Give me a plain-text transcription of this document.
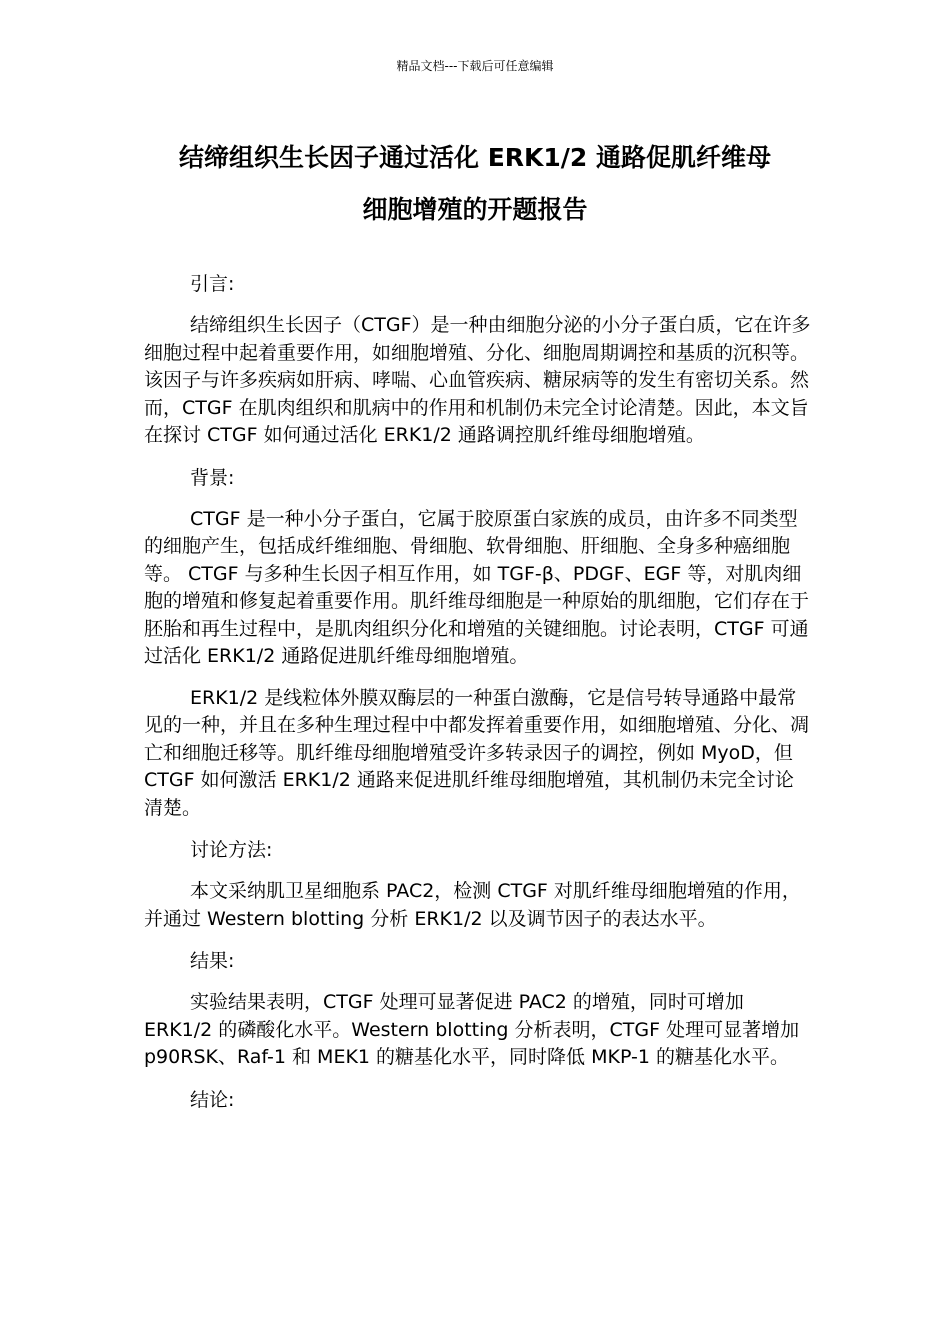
精品文档---下载后可任意编辑
结缔组织生长因子通过活化 ERK1/2 通路促肌纤维母
细胞增殖的开题报告

引言:

结缔组织生长因子（CTGF）是一种由细胞分泌的小分子蛋白质，它在许多细胞过程中起着重要作用，如细胞增殖、分化、细胞周期调控和基质的沉积等。该因子与许多疾病如肝病、哮喘、心血管疾病、糖尿病等的发生有密切关系。然而，CTGF 在肌肉组织和肌病中的作用和机制仍未完全讨论清楚。因此，本文旨在探讨 CTGF 如何通过活化 ERK1/2 通路调控肌纤维母细胞增殖。

背景:

CTGF 是一种小分子蛋白，它属于胶原蛋白家族的成员，由许多不同类型的细胞产生，包括成纤维细胞、骨细胞、软骨细胞、肝细胞、全身多种癌细胞等。 CTGF 与多种生长因子相互作用，如 TGF-β、PDGF、EGF 等，对肌肉细胞的增殖和修复起着重要作用。肌纤维母细胞是一种原始的肌细胞，它们存在于胚胎和再生过程中，是肌肉组织分化和增殖的关键细胞。讨论表明，CTGF 可通过活化 ERK1/2 通路促进肌纤维母细胞增殖。

ERK1/2 是线粒体外膜双酶层的一种蛋白激酶，它是信号转导通路中最常见的一种，并且在多种生理过程中中都发挥着重要作用，如细胞增殖、分化、凋亡和细胞迁移等。肌纤维母细胞增殖受许多转录因子的调控，例如 MyoD，但 CTGF 如何激活 ERK1/2 通路来促进肌纤维母细胞增殖，其机制仍未完全讨论清楚。

讨论方法:

本文采纳肌卫星细胞系 PAC2，检测 CTGF 对肌纤维母细胞增殖的作用，并通过 Western blotting 分析 ERK1/2 以及调节因子的表达水平。

结果:

实验结果表明，CTGF 处理可显著促进 PAC2 的增殖，同时可增加 ERK1/2 的磷酸化水平。Western blotting 分析表明，CTGF 处理可显著增加 p90RSK、Raf-1 和 MEK1 的糖基化水平，同时降低 MKP-1 的糖基化水平。

结论:
